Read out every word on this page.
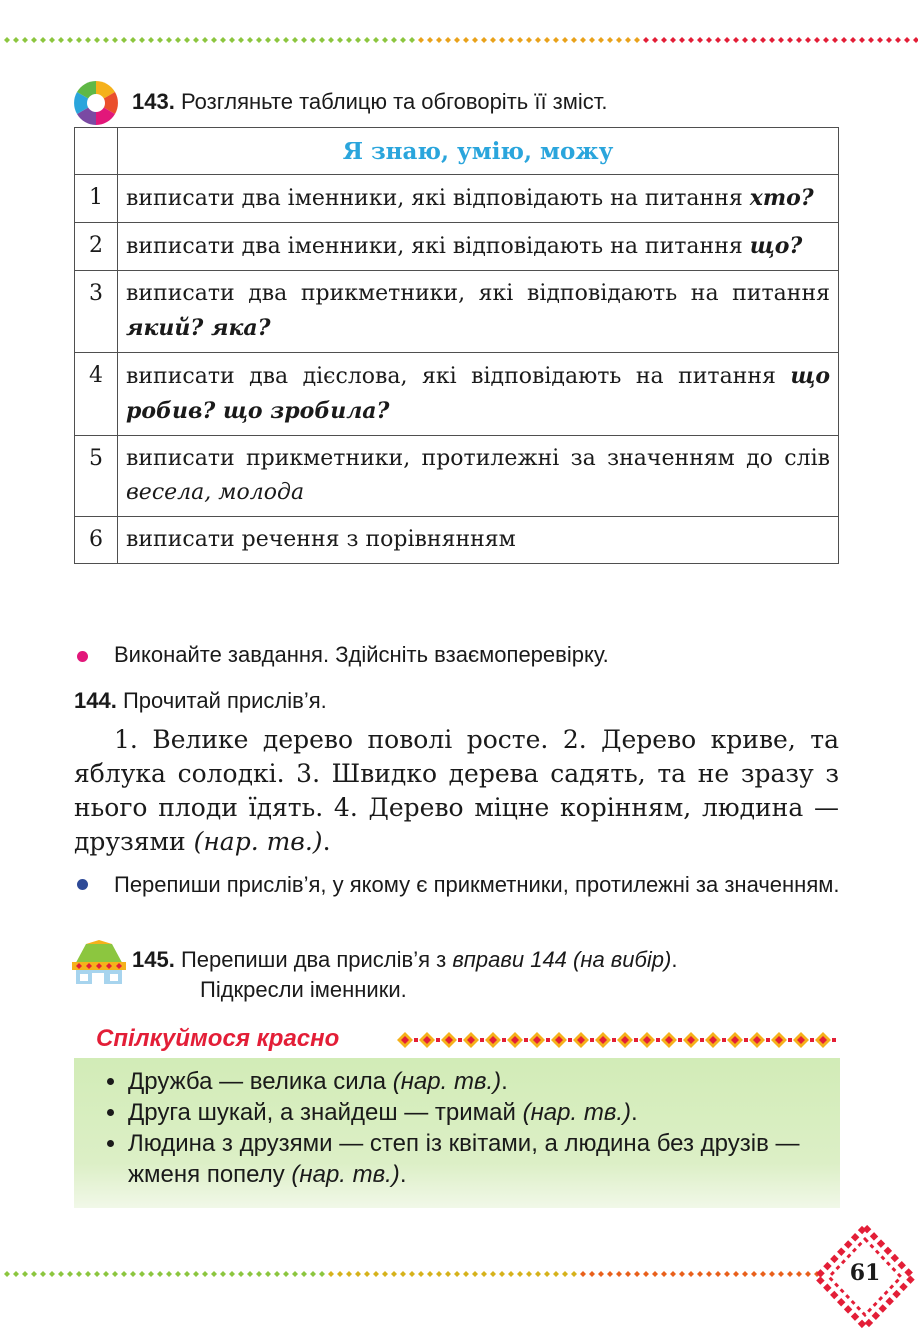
143. Розгляньте таблицю та обговоріть її зміст.
	Я знаю, умію, можу
1	виписати два іменники, які відповідають на питання хто?
2	виписати два іменники, які відповідають на питання що?
3	виписати два прикметники, які відповідають на питання який? яка?
4	виписати два дієслова, які відповідають на питання що робив? що зробила?
5	виписати прикметники, протилежні за значенням до слів весела, молода
6	виписати речення з порівнянням
Виконайте завдання. Здійсніть взаємоперевірку.
144. Прочитай прислів’я.
1. Велике дерево поволі росте. 2. Дерево криве, та яблука солодкі. 3. Швидко дерева садять, та не зразу з нього плоди їдять. 4. Дерево міцне корінням, людина — друзями (нар. тв.).
Перепиши прислів’я, у якому є прикметники, протилежні за значенням.
145. Перепиши два прислів’я з вправи 144 (на вибір).
Підкресли іменники.
Спілкуймося красно
• Дружба — велика сила (нар. тв.).
• Друга шукай, а знайдеш — тримай (нар. тв.).
• Людина з друзями — степ із квітами, а людина без друзів — жменя попелу (нар. тв.).
61
